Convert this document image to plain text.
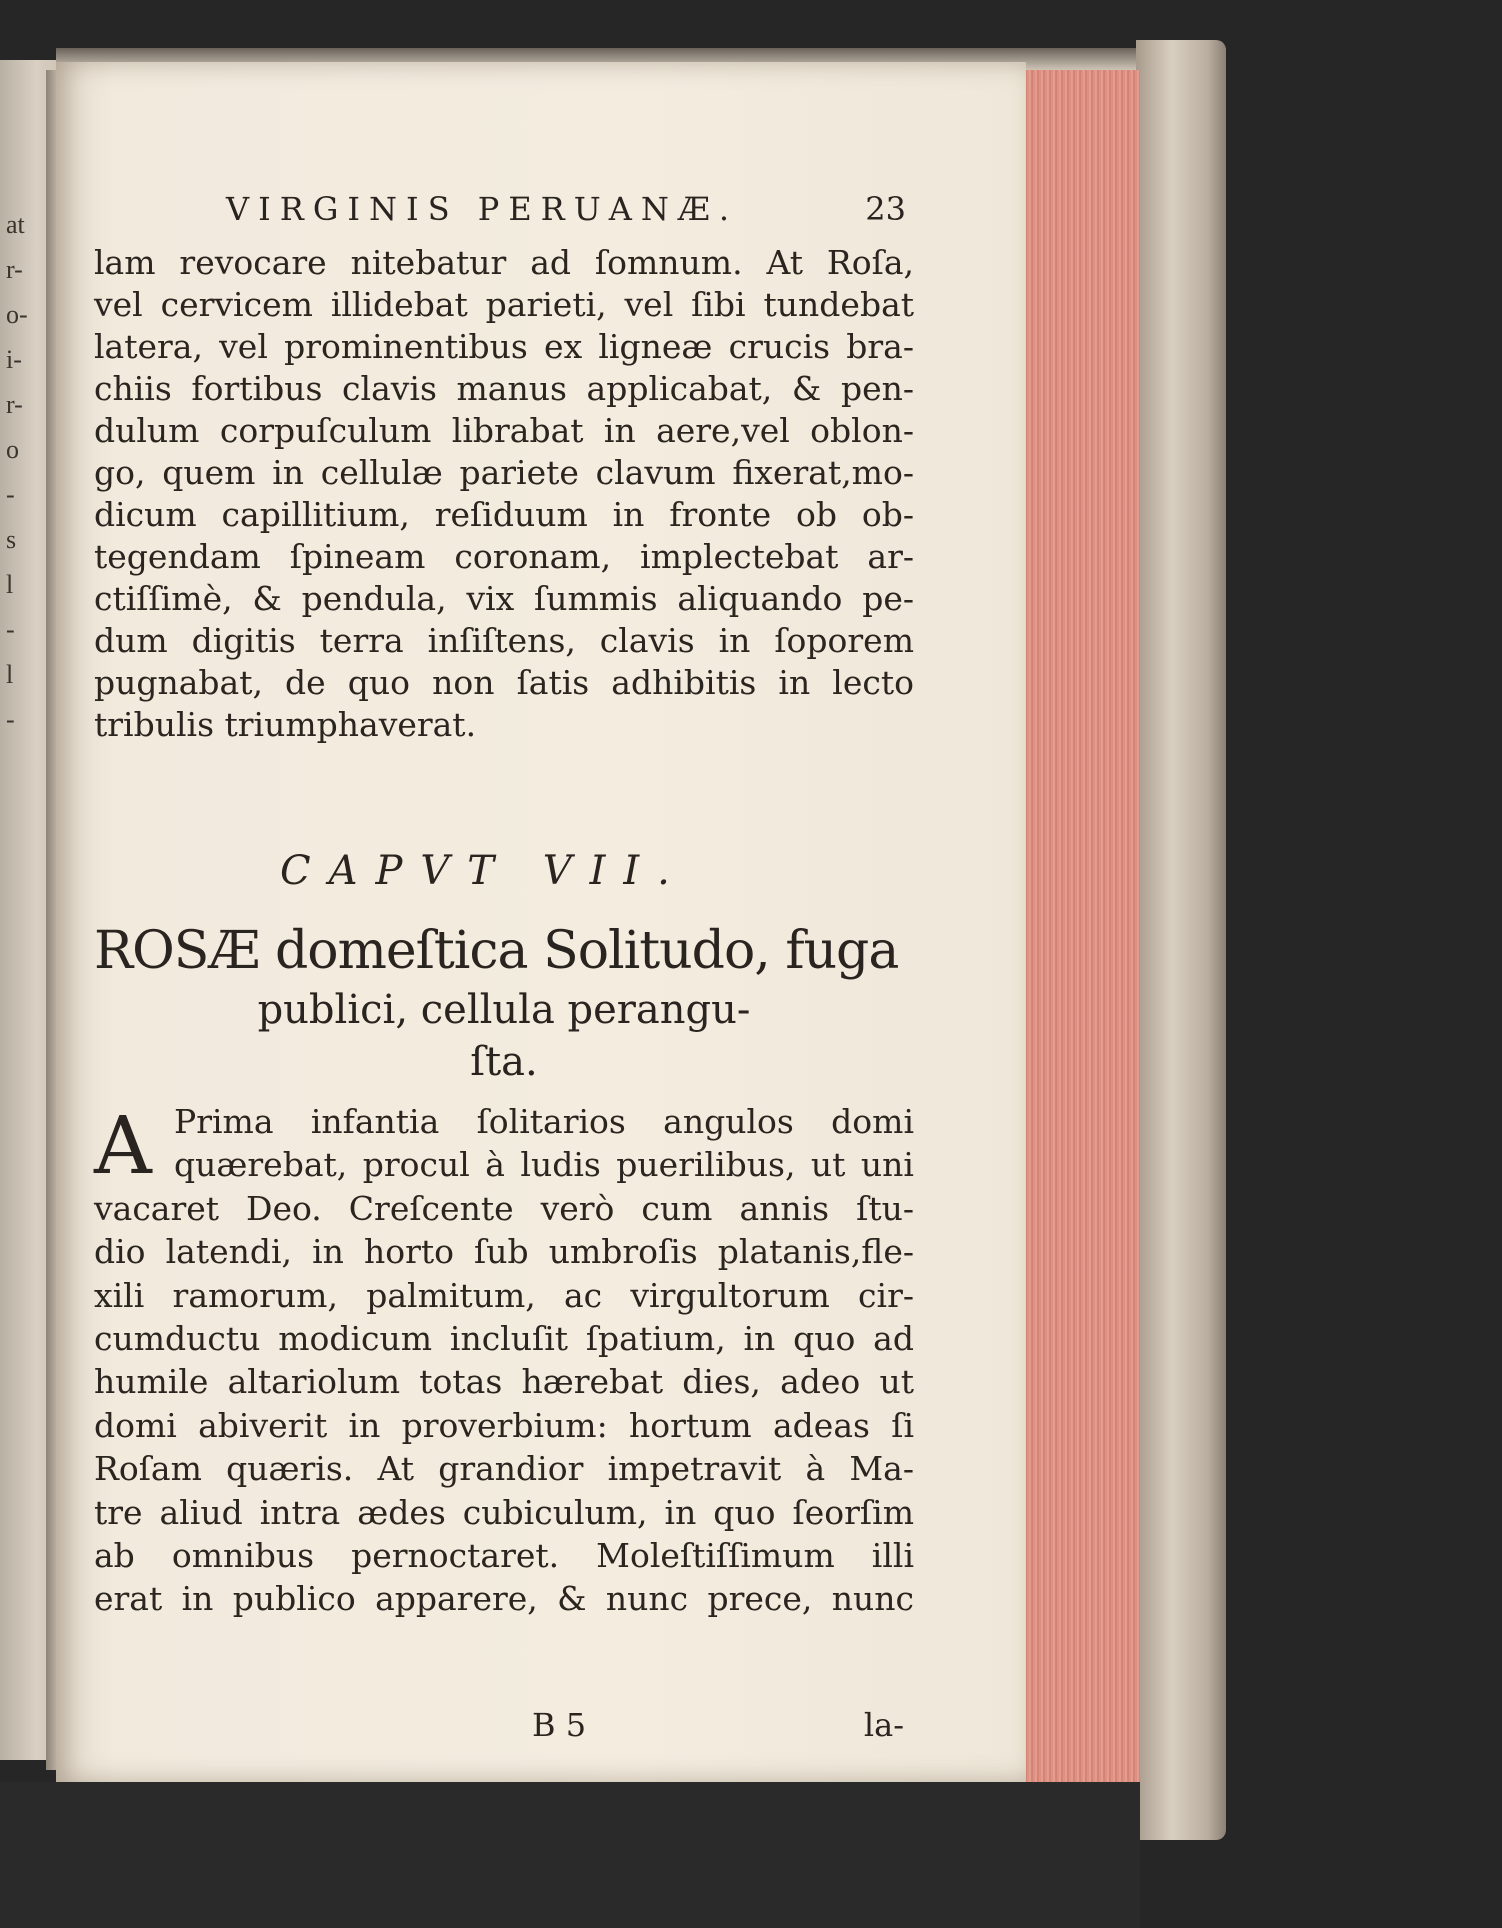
at
r-
o-
i-
r-
o
-
s
l
-
l
-
VIRGINIS PERUANÆ.	23
lam revocare nitebatur ad ſomnum. At Roſa,
vel cervicem illidebat parieti, vel ſibi tundebat
latera, vel prominentibus ex ligneæ crucis bra-
chiis fortibus clavis manus applicabat, & pen-
dulum corpuſculum librabat in aere,vel oblon-
go, quem in cellulæ pariete clavum fixerat,mo-
dicum capillitium, reſiduum in fronte ob ob-
tegendam ſpineam coronam, implectebat ar-
ctiſſimè, & pendula, vix ſummis aliquando pe-
dum digitis terra inſiſtens, clavis in ſoporem
pugnabat, de quo non ſatis adhibitis in lecto
tribulis triumphaverat.
CAPVT VII.
ROSÆ domeſtica Solitudo, fuga
publici, cellula perangu-
ſta.
A Prima infantia ſolitarios angulos domi
quærebat, procul à ludis puerilibus, ut uni
vacaret Deo. Creſcente verò cum annis ſtu-
dio latendi, in horto ſub umbroſis platanis,fle-
xili ramorum, palmitum, ac virgultorum cir-
cumductu modicum incluſit ſpatium, in quo ad
humile altariolum totas hærebat dies, adeo ut
domi abiverit in proverbium: hortum adeas ſi
Roſam quæris. At grandior impetravit à Ma-
tre aliud intra ædes cubiculum, in quo ſeorſim
ab omnibus pernoctaret. Moleſtiſſimum illi
erat in publico apparere, & nunc prece, nunc
B 5	la-
